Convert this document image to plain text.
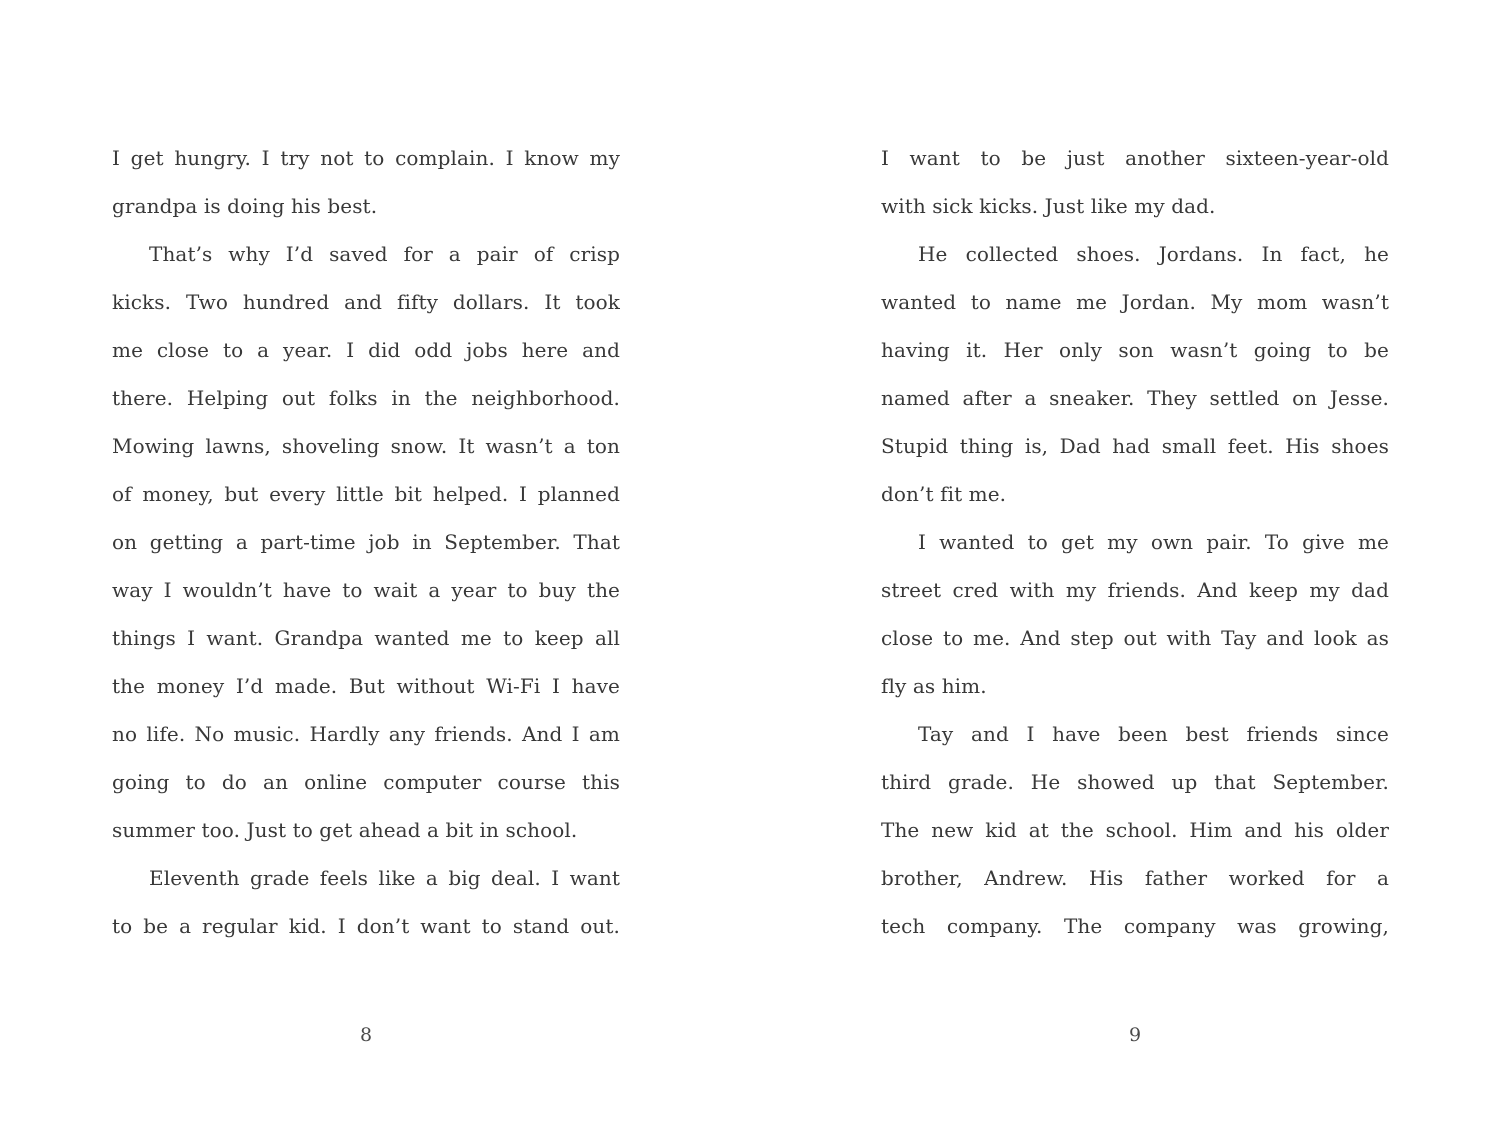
I get hungry. I try not to complain. I know my
grandpa is doing his best.
That’s why I’d saved for a pair of crisp
kicks. Two hundred and fifty dollars. It took
me close to a year. I did odd jobs here and
there. Helping out folks in the neighborhood.
Mowing lawns, shoveling snow. It wasn’t a ton
of money, but every little bit helped. I planned
on getting a part-time job in September. That
way I wouldn’t have to wait a year to buy the
things I want. Grandpa wanted me to keep all
the money I’d made. But without Wi-Fi I have
no life. No music. Hardly any friends. And I am
going to do an online computer course this
summer too. Just to get ahead a bit in school.
Eleventh grade feels like a big deal. I want
to be a regular kid. I don’t want to stand out.
8
I want to be just another sixteen-year-old
with sick kicks. Just like my dad.
He collected shoes. Jordans. In fact, he
wanted to name me Jordan. My mom wasn’t
having it. Her only son wasn’t going to be
named after a sneaker. They settled on Jesse.
Stupid thing is, Dad had small feet. His shoes
don’t fit me.
I wanted to get my own pair. To give me
street cred with my friends. And keep my dad
close to me. And step out with Tay and look as
fly as him.
Tay and I have been best friends since
third grade. He showed up that September.
The new kid at the school. Him and his older
brother, Andrew. His father worked for a
tech company. The company was growing,
9
